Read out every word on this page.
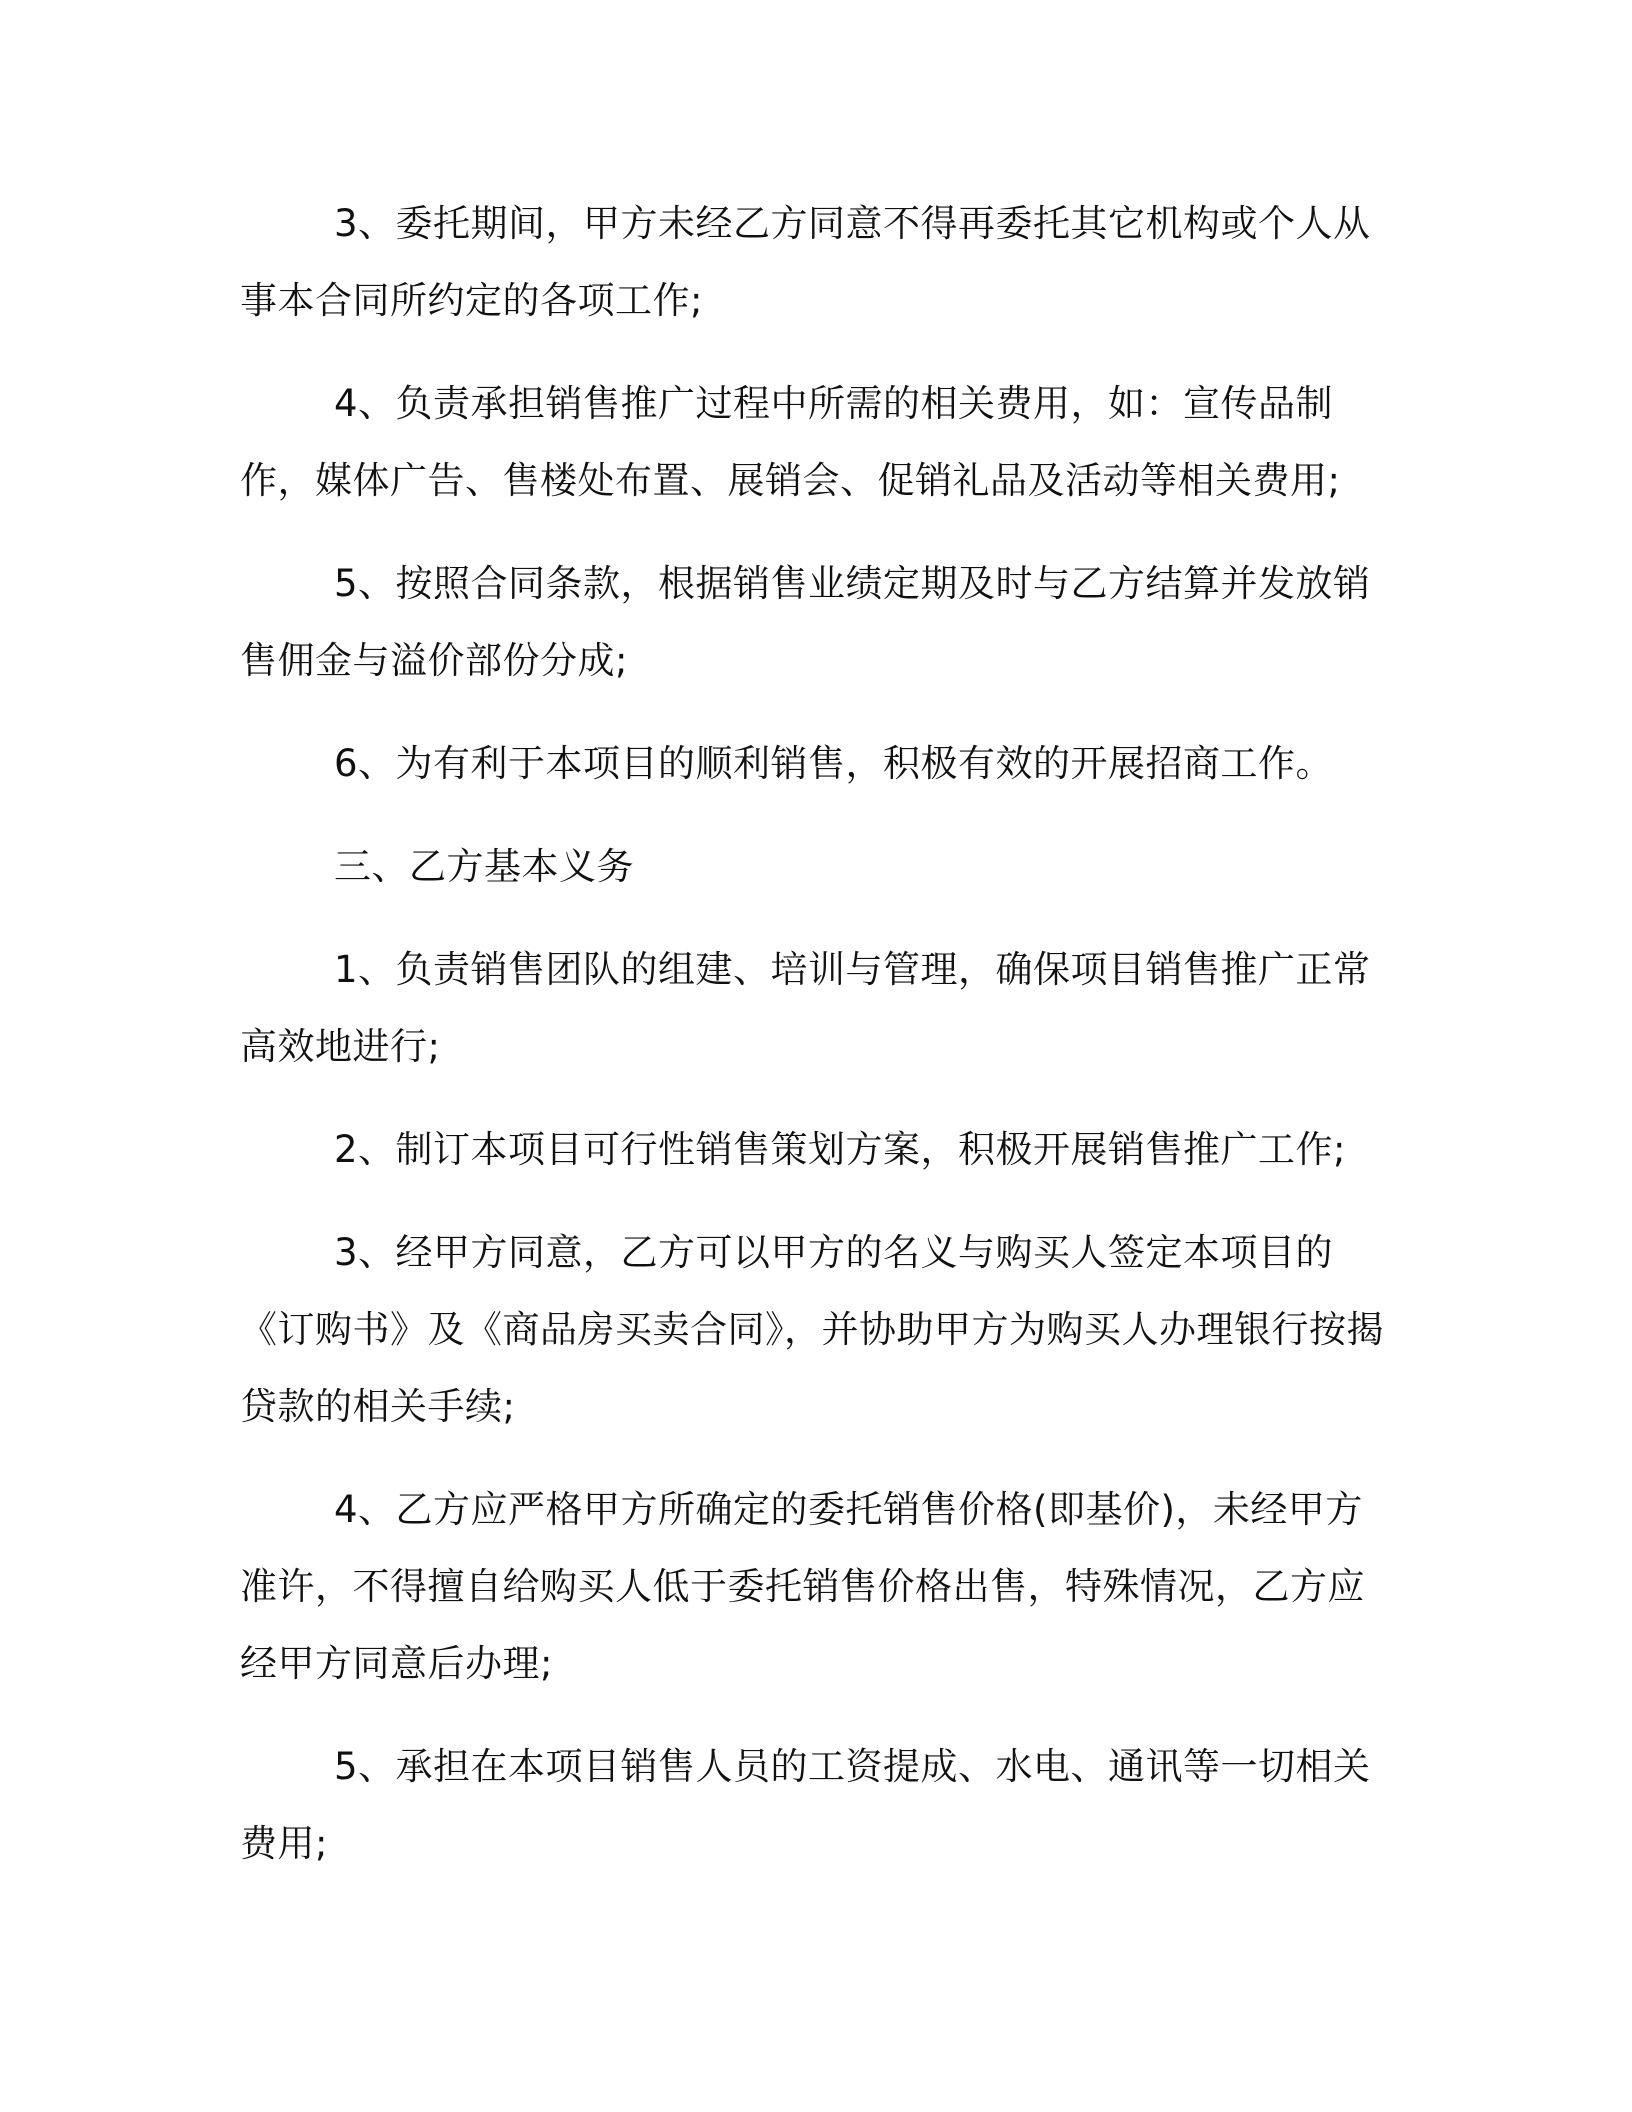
3、委托期间，甲方未经乙方同意不得再委托其它机构或个人从事本合同所约定的各项工作;

4、负责承担销售推广过程中所需的相关费用，如：宣传品制作，媒体广告、售楼处布置、展销会、促销礼品及活动等相关费用;

5、按照合同条款，根据销售业绩定期及时与乙方结算并发放销售佣金与溢价部份分成;

6、为有利于本项目的顺利销售，积极有效的开展招商工作。

三、乙方基本义务

1、负责销售团队的组建、培训与管理，确保项目销售推广正常高效地进行;

2、制订本项目可行性销售策划方案，积极开展销售推广工作;

3、经甲方同意，乙方可以甲方的名义与购买人签定本项目的《订购书》及《商品房买卖合同》，并协助甲方为购买人办理银行按揭贷款的相关手续;

4、乙方应严格甲方所确定的委托销售价格(即基价)，未经甲方准许，不得擅自给购买人低于委托销售价格出售，特殊情况，乙方应经甲方同意后办理;

5、承担在本项目销售人员的工资提成、水电、通讯等一切相关费用;
